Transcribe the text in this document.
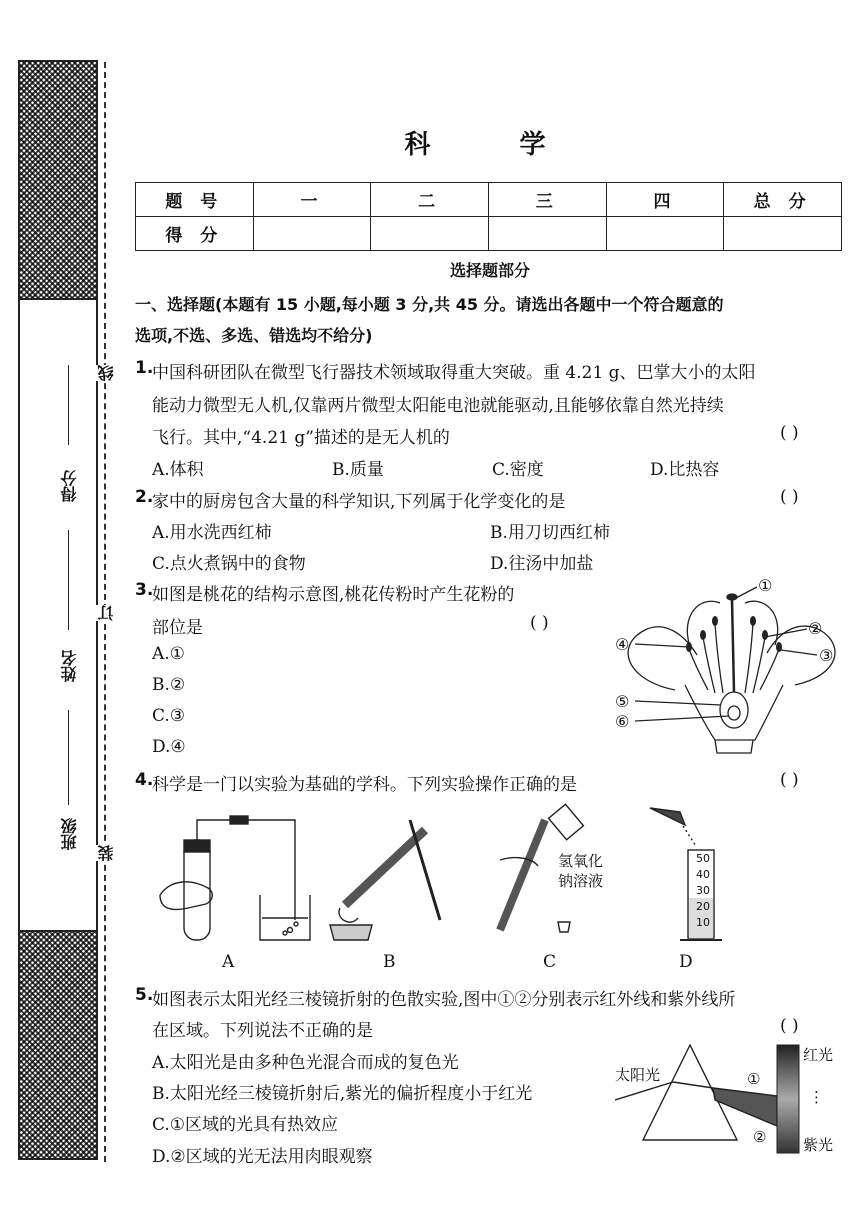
线
订
装
得分
姓名
班级
科 学
题 号	一	二	三	四	总 分
得 分					
选择题部分
一、选择题(本题有 15 小题,每小题 3 分,共 45 分。请选出各题中一个符合题意的
选项,不选、多选、错选均不给分)
1.
中国科研团队在微型飞行器技术领域取得重大突破。重 4.21 g、巴掌大小的太阳
能动力微型无人机,仅靠两片微型太阳能电池就能驱动,且能够依靠自然光持续
飞行。其中,“4.21 g”描述的是无人机的	( )
A.体积	B.质量	C.密度	D.比热容
2.
家中的厨房包含大量的科学知识,下列属于化学变化的是	( )
A.用水洗西红柿	B.用刀切西红柿
C.点火煮锅中的食物	D.往汤中加盐
3.
如图是桃花的结构示意图,桃花传粉时产生花粉的
部位是	( )
A.①
B.②
C.③
D.④
①
②
③
④
⑤
⑥
4.
科学是一门以实验为基础的学科。下列实验操作正确的是	( )
50
40
30
20
10
氢氧化
钠溶液
A	B	C	D
5.
如图表示太阳光经三棱镜折射的色散实验,图中①②分别表示红外线和紫外线所
在区域。下列说法不正确的是	( )
A.太阳光是由多种色光混合而成的复色光
B.太阳光经三棱镜折射后,紫光的偏折程度小于红光
C.①区域的光具有热效应
D.②区域的光无法用肉眼观察
太阳光
红光
⋮
紫光
①
②
